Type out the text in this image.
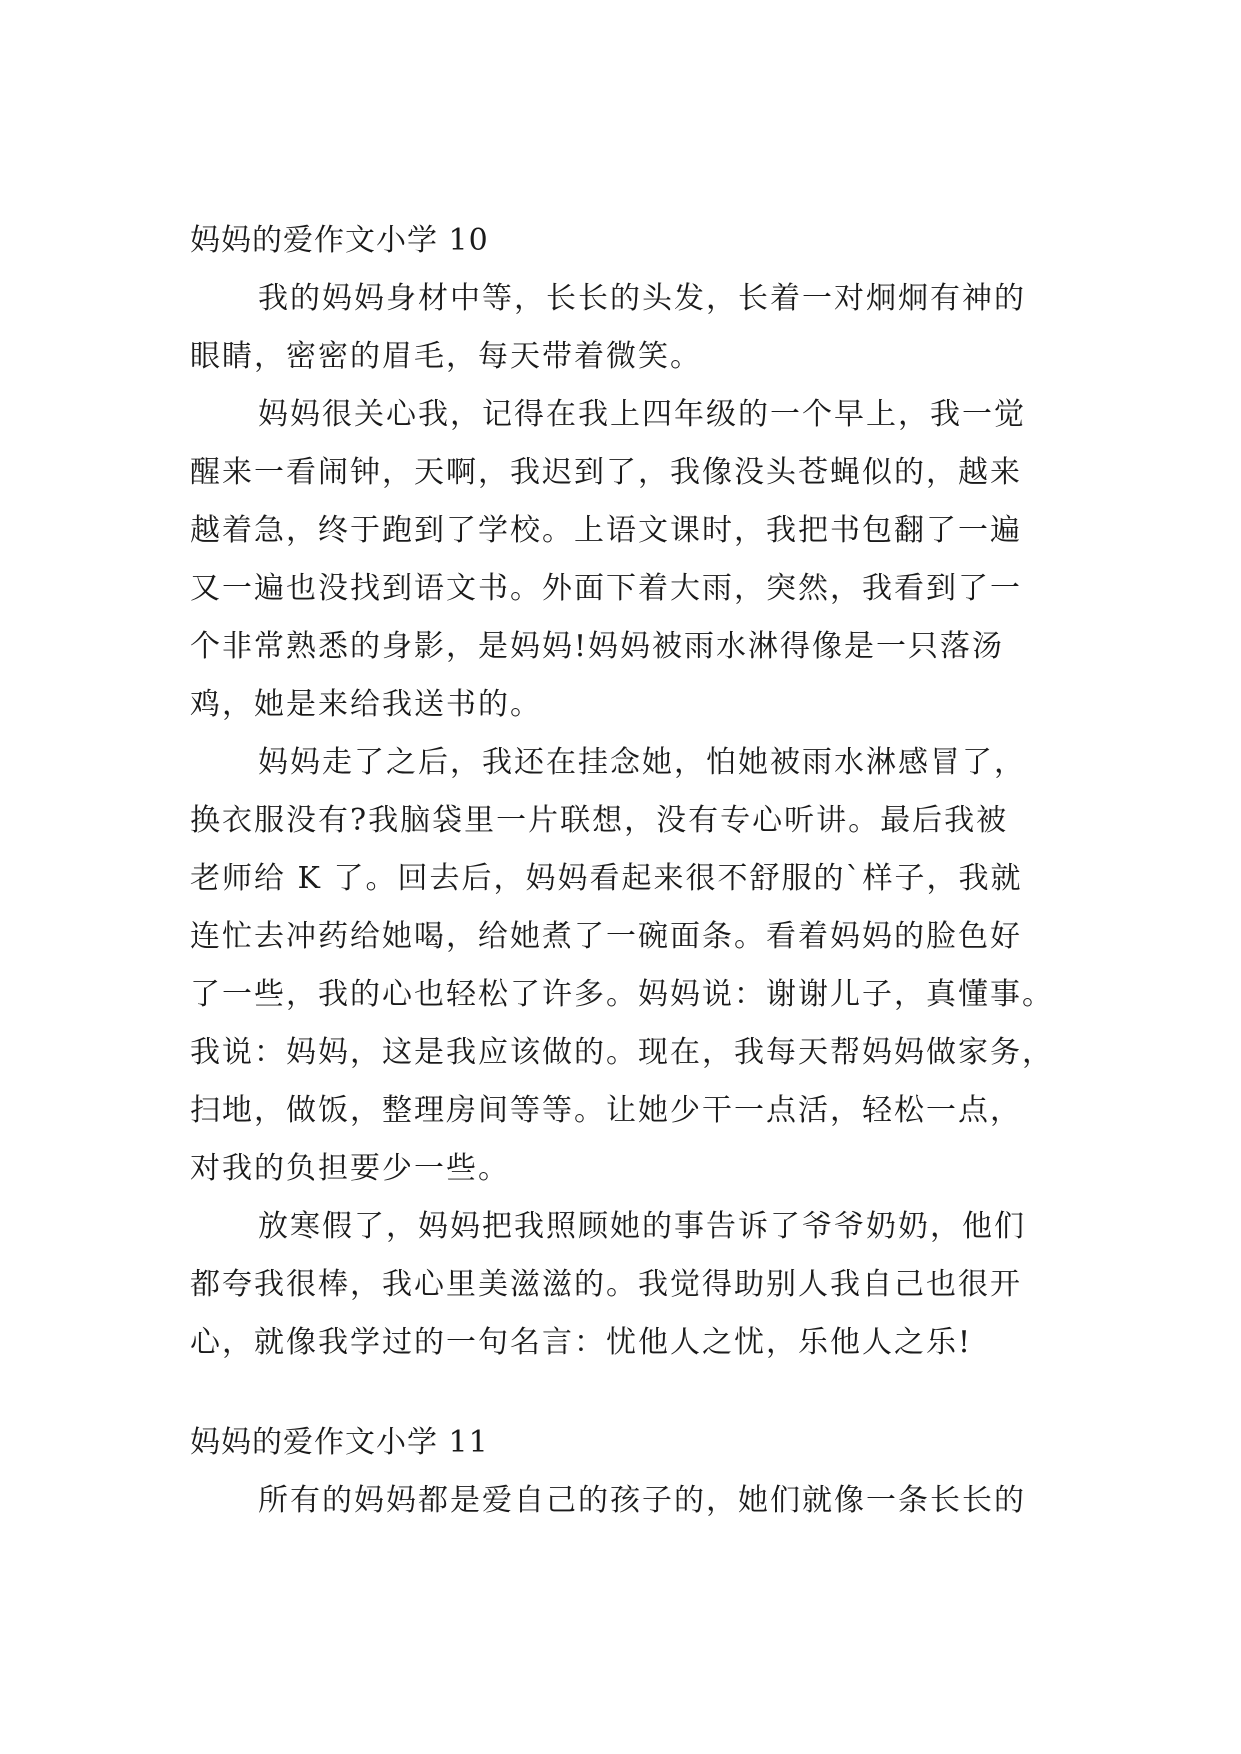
妈妈的爱作文小学 10
我的妈妈身材中等，长长的头发，长着一对炯炯有神的
眼睛，密密的眉毛，每天带着微笑。
妈妈很关心我，记得在我上四年级的一个早上，我一觉
醒来一看闹钟，天啊，我迟到了，我像没头苍蝇似的，越来
越着急，终于跑到了学校。上语文课时，我把书包翻了一遍
又一遍也没找到语文书。外面下着大雨，突然，我看到了一
个非常熟悉的身影，是妈妈!妈妈被雨水淋得像是一只落汤
鸡，她是来给我送书的。
妈妈走了之后，我还在挂念她，怕她被雨水淋感冒了，
换衣服没有?我脑袋里一片联想，没有专心听讲。最后我被
老师给 K 了。回去后，妈妈看起来很不舒服的`样子，我就
连忙去冲药给她喝，给她煮了一碗面条。看着妈妈的脸色好
了一些，我的心也轻松了许多。妈妈说：谢谢儿子，真懂事。
我说：妈妈，这是我应该做的。现在，我每天帮妈妈做家务，
扫地，做饭，整理房间等等。让她少干一点活，轻松一点，
对我的负担要少一些。
放寒假了，妈妈把我照顾她的事告诉了爷爷奶奶，他们
都夸我很棒，我心里美滋滋的。我觉得助别人我自己也很开
心，就像我学过的一句名言：忧他人之忧，乐他人之乐!
妈妈的爱作文小学 11
所有的妈妈都是爱自己的孩子的，她们就像一条长长的
